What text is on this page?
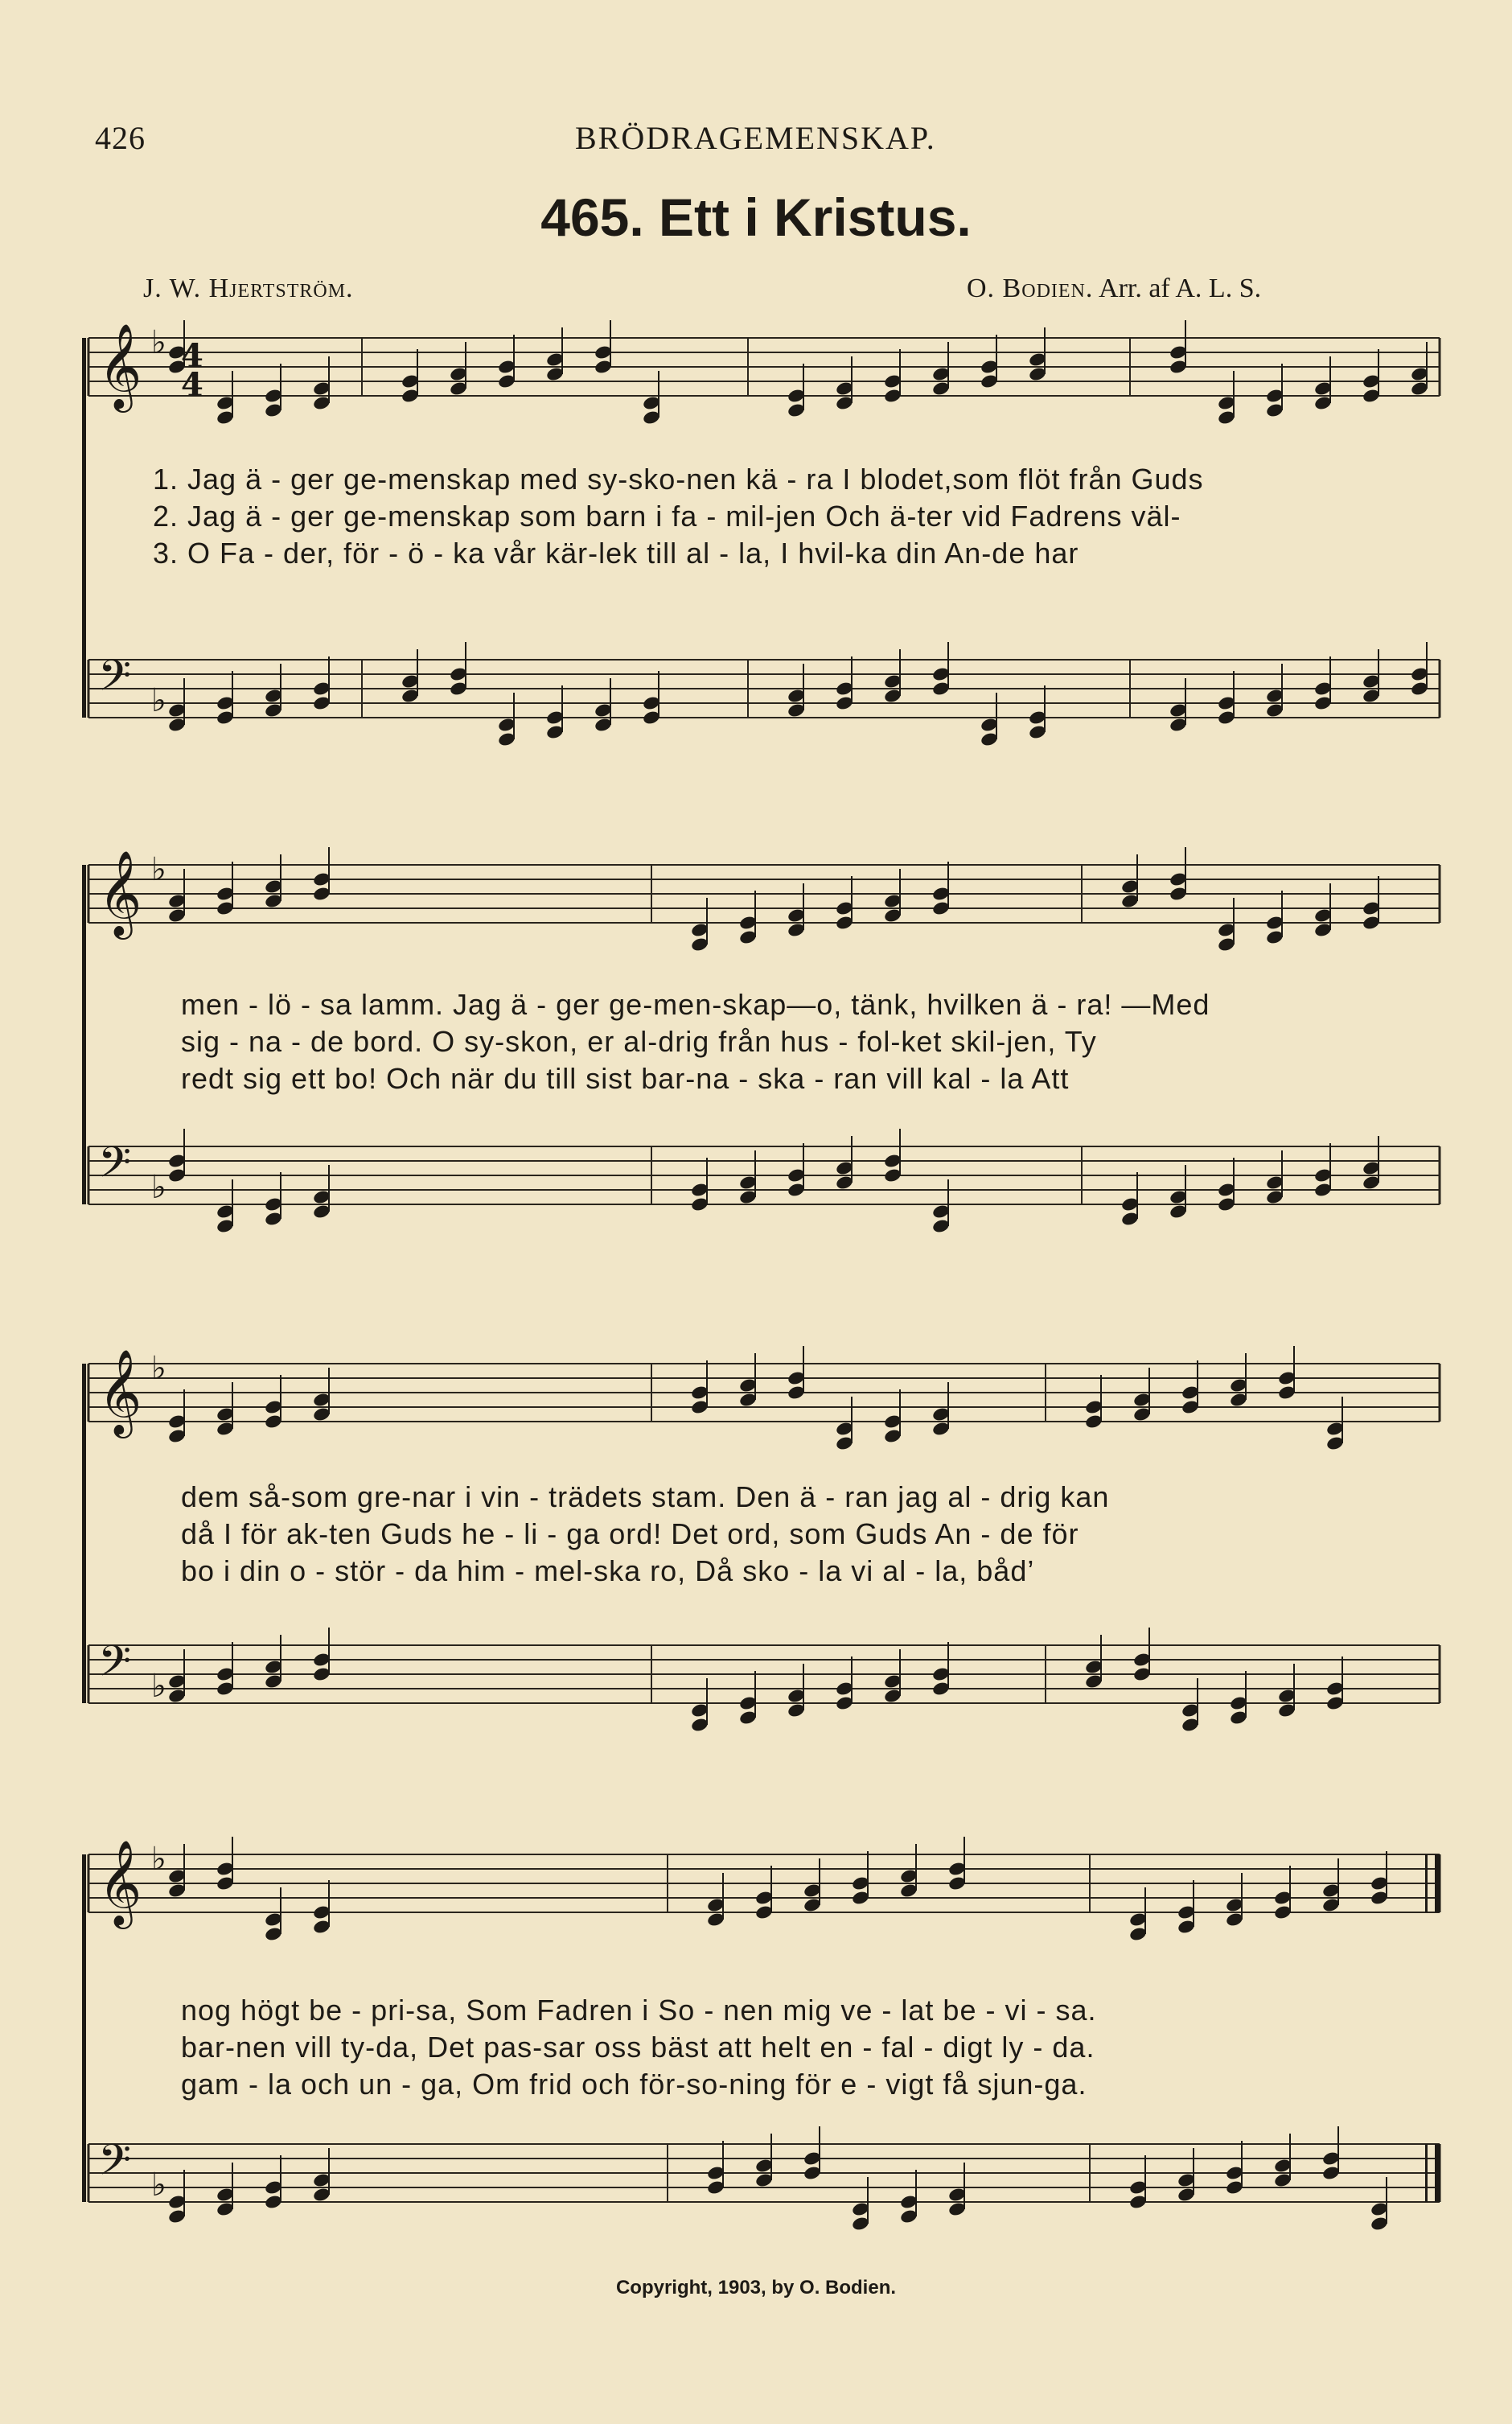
426	BRÖDRAGEMENSKAP.
465. Ett i Kristus.
J. W. Hjertström.	O. Bodien. Arr. af A. L. S.
𝄞 ♭ 4
4
1. Jag ä - ger ge-menskap med sy-sko-nen kä - ra I blodet,som flöt från Guds
2. Jag ä - ger ge-menskap som barn i fa - mil-jen Och ä-ter vid Fadrens väl-
3. O Fa - der, för - ö - ka vår kär-lek till al - la, I hvil-ka din An-de har
𝄢 ♭
𝄞 ♭
men - lö - sa lamm. Jag ä - ger ge-men-skap—o, tänk, hvilken ä - ra! —Med
sig - na - de bord. O sy-skon, er al-drig från hus - fol-ket skil-jen, Ty
redt sig ett bo! Och när du till sist bar-na - ska - ran vill kal - la Att
𝄢 ♭
𝄞 ♭
dem så-som gre-nar i vin - trädets stam. Den ä - ran jag al - drig kan
då I för ak-ten Guds he - li - ga ord! Det ord, som Guds An - de för
bo i din o - stör - da him - mel-ska ro, Då sko - la vi al - la, båd’
𝄢 ♭
𝄞 ♭
nog högt be - pri-sa, Som Fadren i So - nen mig ve - lat be - vi - sa.
bar-nen vill ty-da, Det pas-sar oss bäst att helt en - fal - digt ly - da.
gam - la och un - ga, Om frid och för-so-ning för e - vigt få sjun-ga.
𝄢 ♭
Copyright, 1903, by O. Bodien.
